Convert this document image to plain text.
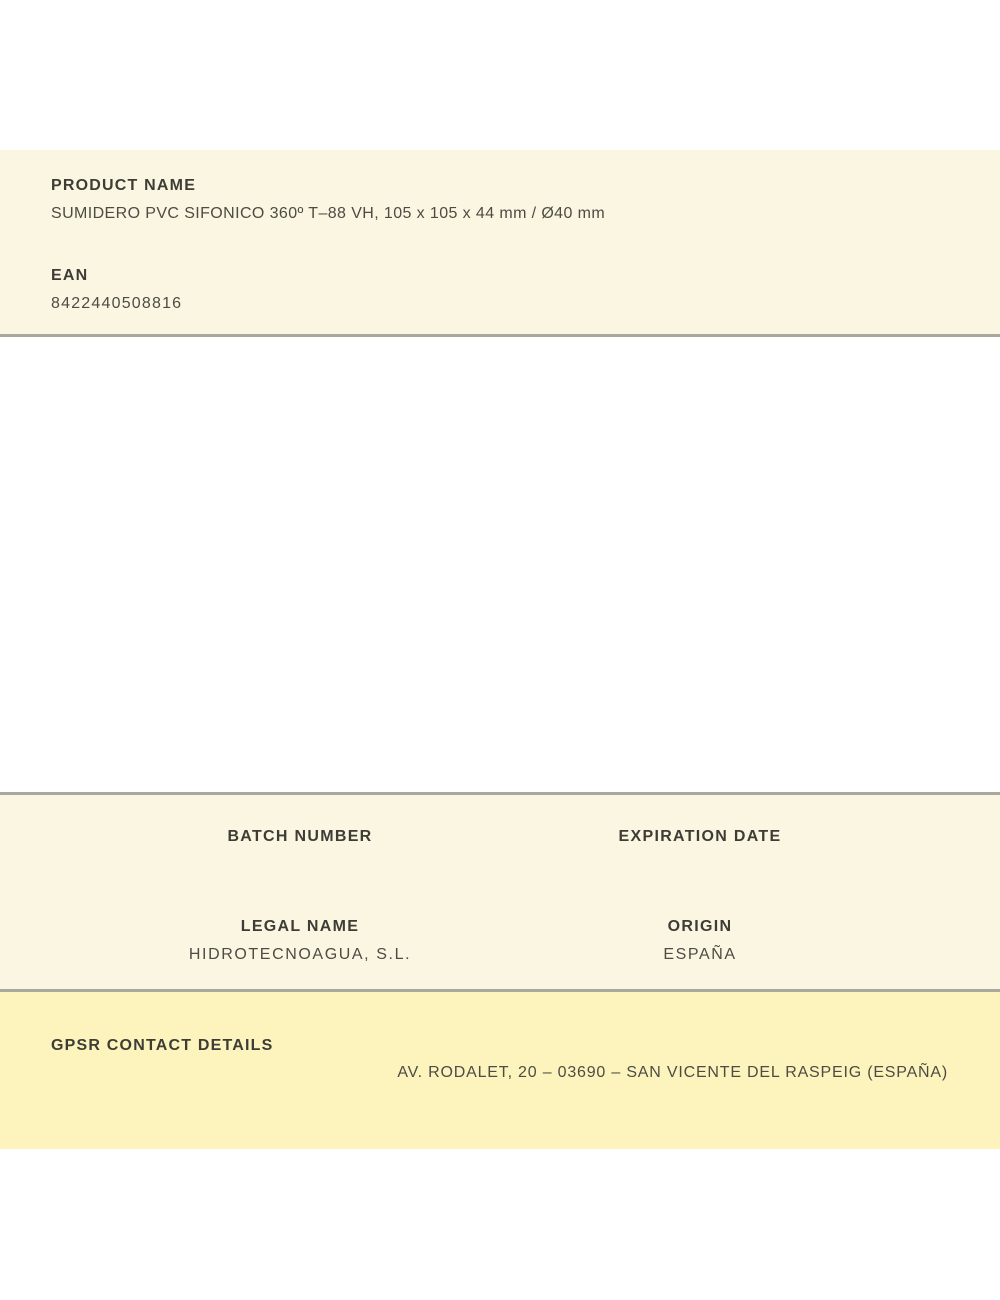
PRODUCT NAME
SUMIDERO PVC SIFONICO 360º T–88 VH, 105 x 105 x 44 mm / Ø40 mm
EAN
8422440508816
BATCH NUMBER	EXPIRATION DATE
LEGAL NAME
HIDROTECNOAGUA, S.L.
ORIGIN
ESPAÑA
GPSR CONTACT DETAILS
AV. RODALET, 20 – 03690 – SAN VICENTE DEL RASPEIG (ESPAÑA)
